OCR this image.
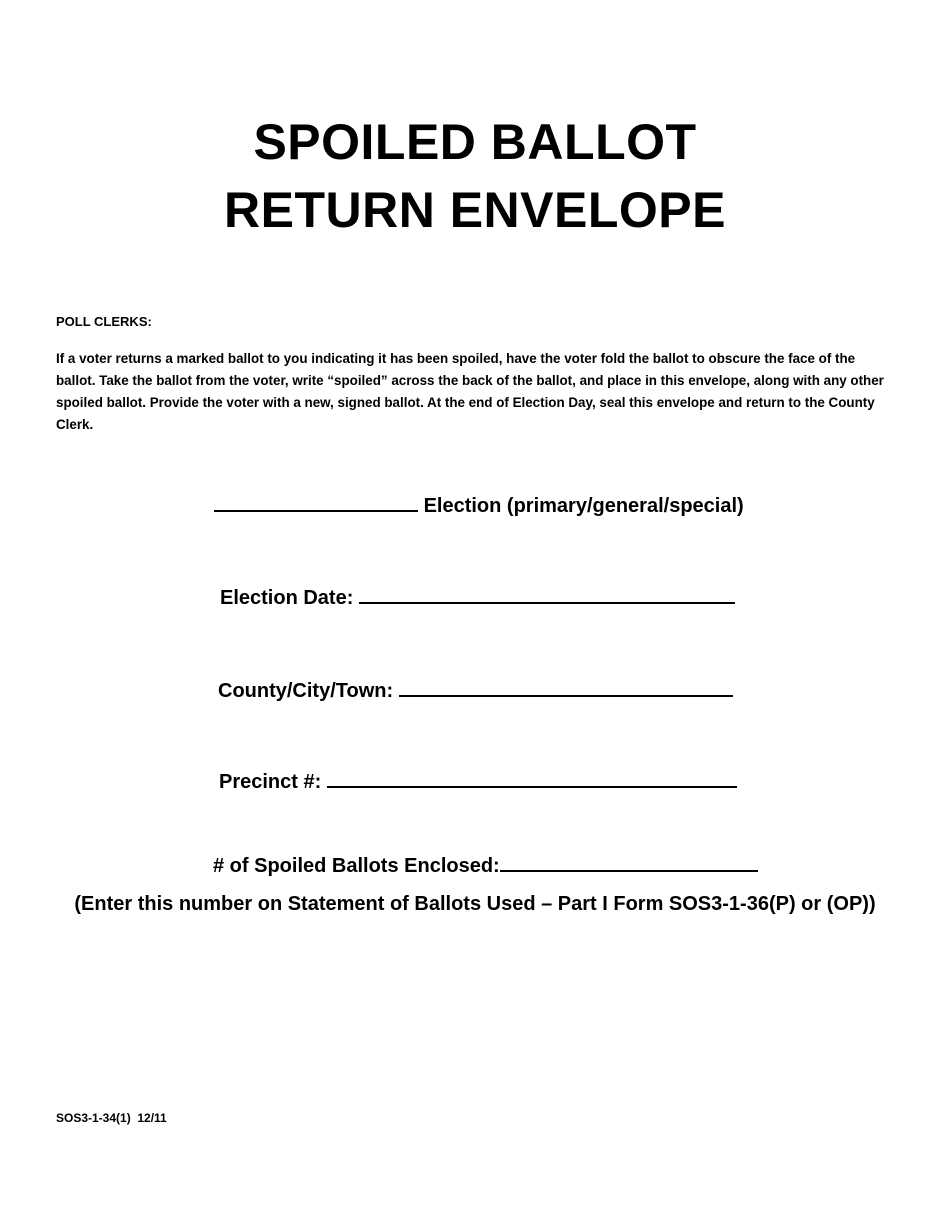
SPOILED BALLOT
RETURN ENVELOPE
POLL CLERKS:
If a voter returns a marked ballot to you indicating it has been spoiled, have the voter fold the ballot to obscure the face of the ballot. Take the ballot from the voter, write “spoiled” across the back of the ballot, and place in this envelope, along with any other spoiled ballot. Provide the voter with a new, signed ballot. At the end of Election Day, seal this envelope and return to the County Clerk.
Election (primary/general/special)
Election Date:
County/City/Town:
Precinct #:
# of Spoiled Ballots Enclosed:
(Enter this number on Statement of Ballots Used – Part I Form SOS3-1-36(P) or (OP))
SOS3-1-34(1)  12/11
